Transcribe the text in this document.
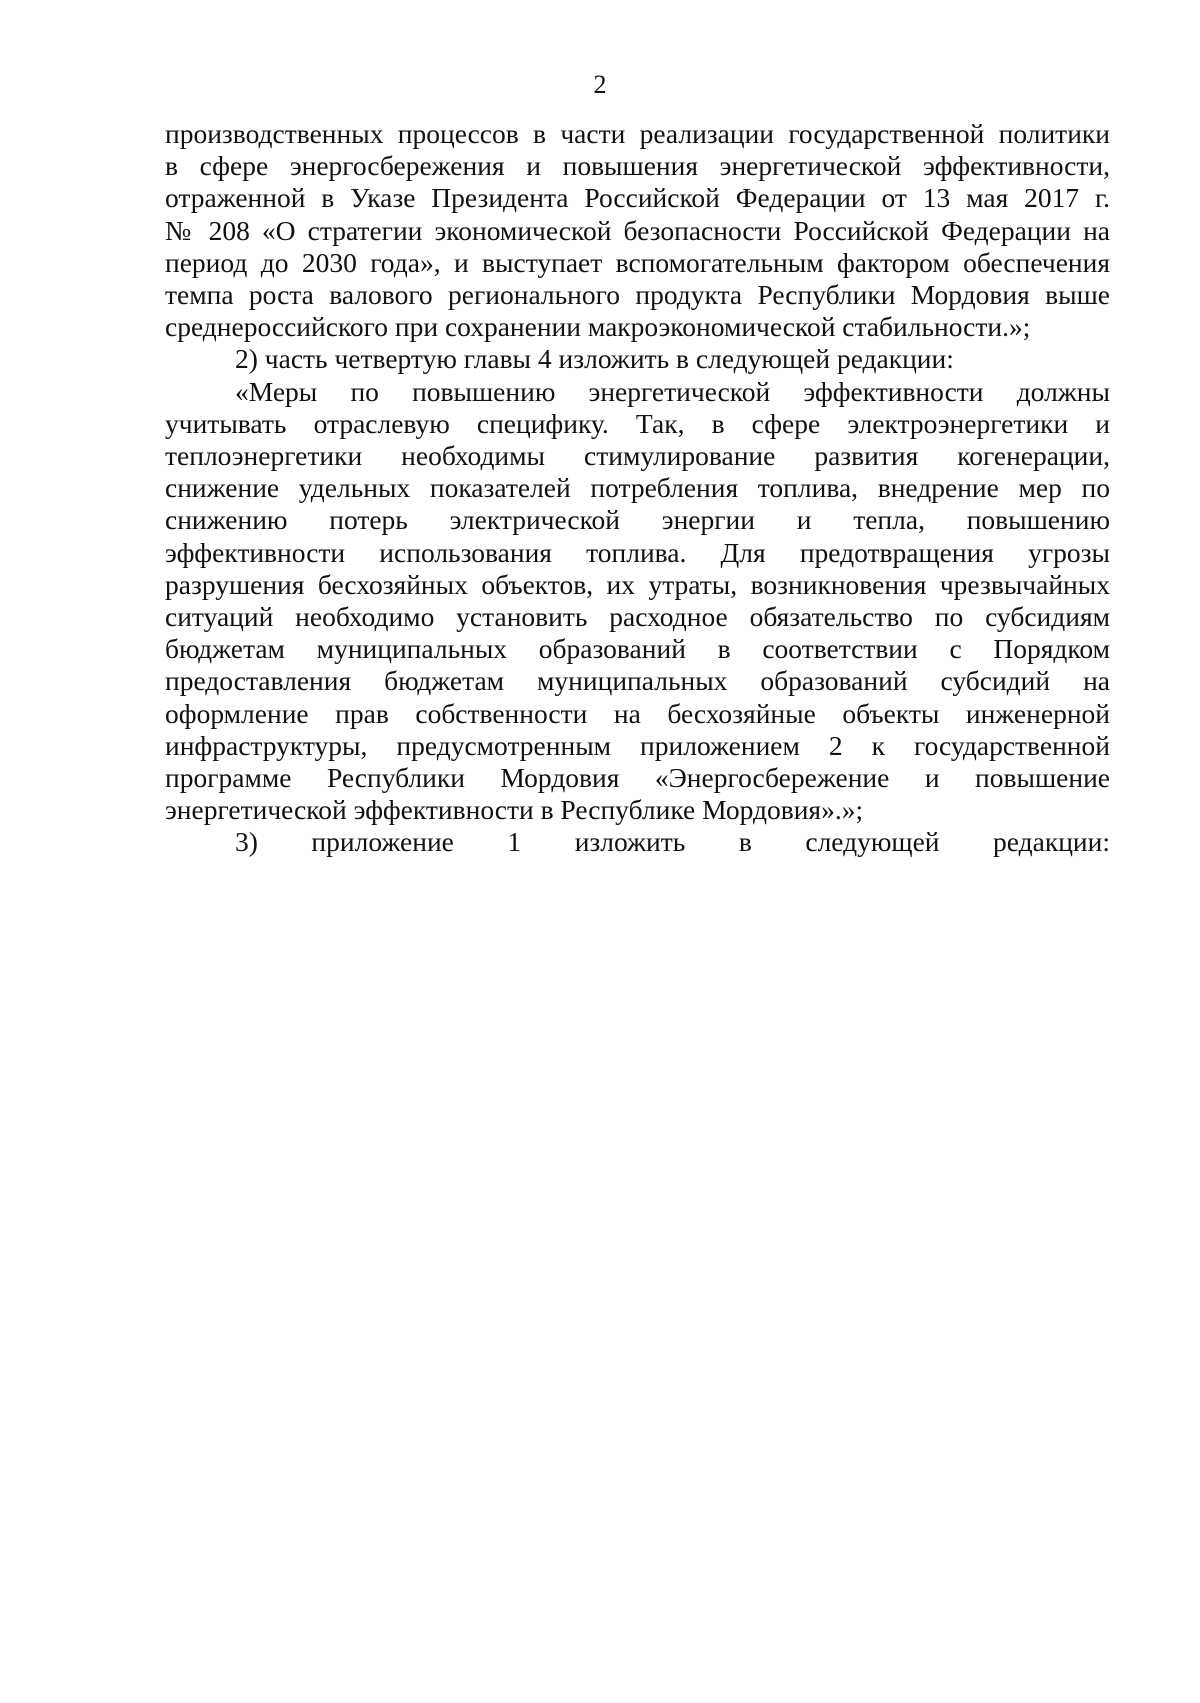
2
производственных процессов в части реализации государственной политики
в сфере энергосбережения и повышения энергетической эффективности,
отраженной в Указе Президента Российской Федерации от 13 мая 2017 г.
№ 208 «О стратегии экономической безопасности Российской Федерации на
период до 2030 года», и выступает вспомогательным фактором обеспечения
темпа роста валового регионального продукта Республики Мордовия выше
среднероссийского при сохранении макроэкономической стабильности.»;
2) часть четвертую главы 4 изложить в следующей редакции:
«Меры по повышению энергетической эффективности должны
учитывать отраслевую специфику. Так, в сфере электроэнергетики и
теплоэнергетики необходимы стимулирование развития когенерации,
снижение удельных показателей потребления топлива, внедрение мер по
снижению потерь электрической энергии и тепла, повышению
эффективности использования топлива. Для предотвращения угрозы
разрушения бесхозяйных объектов, их утраты, возникновения чрезвычайных
ситуаций необходимо установить расходное обязательство по субсидиям
бюджетам муниципальных образований в соответствии с Порядком
предоставления бюджетам муниципальных образований субсидий на
оформление прав собственности на бесхозяйные объекты инженерной
инфраструктуры, предусмотренным приложением 2 к государственной
программе Республики Мордовия «Энергосбережение и повышение
энергетической эффективности в Республике Мордовия».»;
3) приложение 1 изложить в следующей редакции:
